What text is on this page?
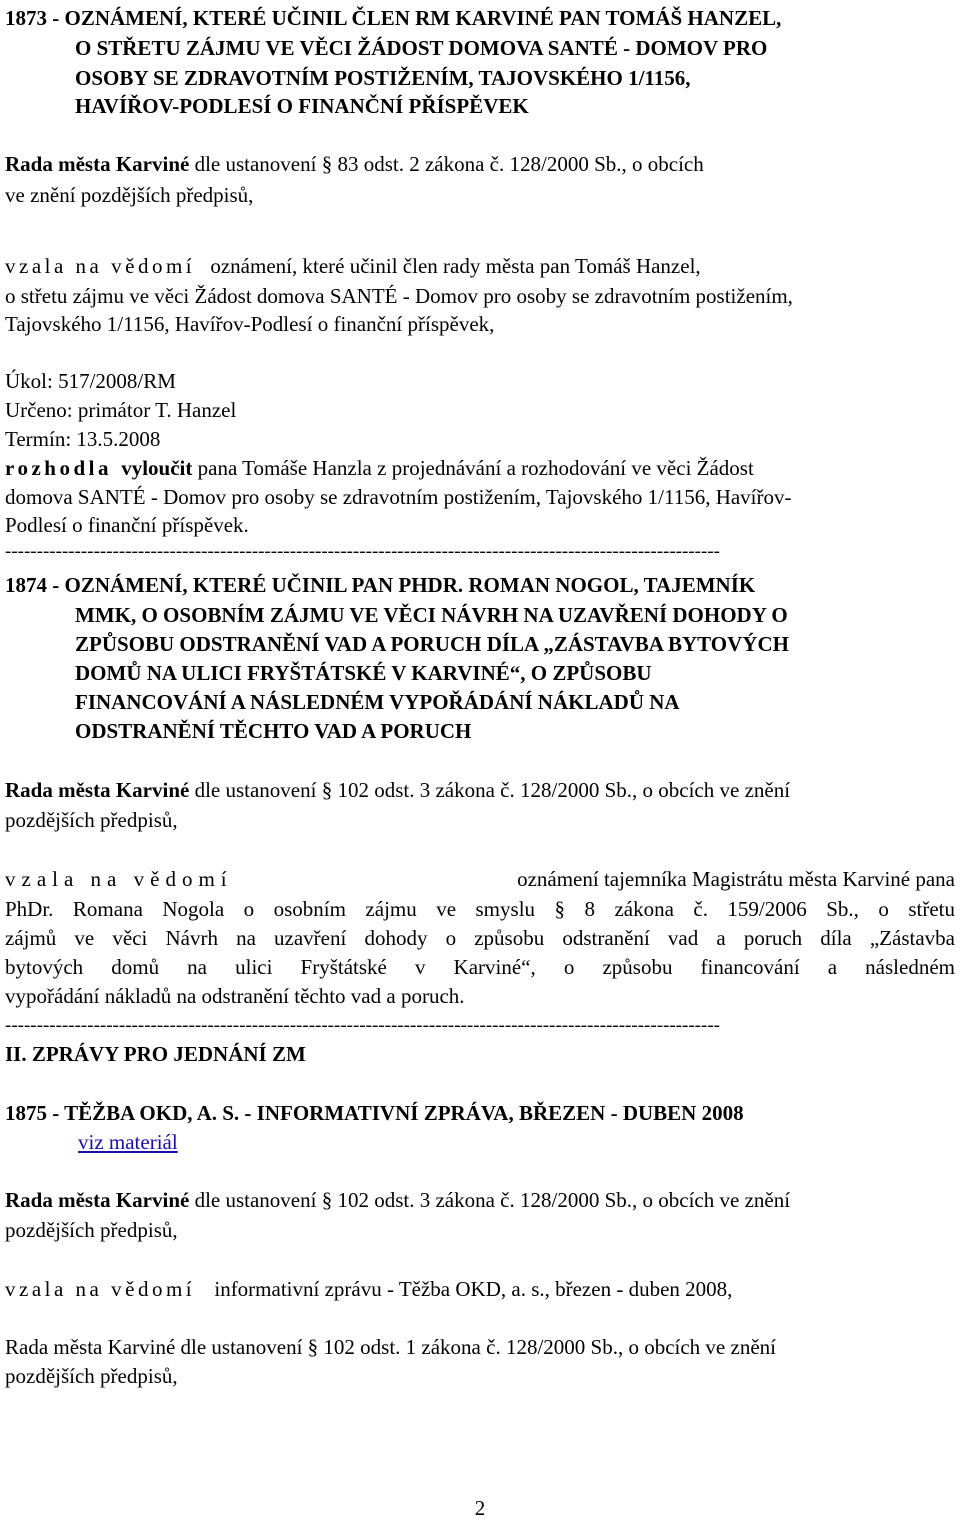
1873 - OZNÁMENÍ, KTERÉ UČINIL ČLEN RM KARVINÉ PAN TOMÁŠ HANZEL,
O STŘETU ZÁJMU VE VĚCI ŽÁDOST DOMOVA SANTÉ - DOMOV PRO
OSOBY SE ZDRAVOTNÍM POSTIŽENÍM, TAJOVSKÉHO 1/1156,
HAVÍŘOV-PODLESÍ O FINANČNÍ PŘÍSPĚVEK
Rada města Karviné dle ustanovení § 83 odst. 2 zákona č. 128/2000 Sb., o obcích
ve znění pozdějších předpisů,
vzala na vědomí oznámení, které učinil člen rady města pan Tomáš Hanzel,
o střetu zájmu ve věci Žádost domova SANTÉ - Domov pro osoby se zdravotním postižením,
Tajovského 1/1156, Havířov-Podlesí o finanční příspěvek,
Úkol: 517/2008/RM
Určeno: primátor T. Hanzel
Termín: 13.5.2008
rozhodla vyloučit pana Tomáše Hanzla z projednávání a rozhodování ve věci Žádost
domova SANTÉ - Domov pro osoby se zdravotním postižením, Tajovského 1/1156, Havířov-
Podlesí o finanční příspěvek.
-----------------------------------------------------------------------------------------------------------------
1874 - OZNÁMENÍ, KTERÉ UČINIL PAN PHDR. ROMAN NOGOL, TAJEMNÍK
MMK, O OSOBNÍM ZÁJMU VE VĚCI NÁVRH NA UZAVŘENÍ DOHODY O
ZPŮSOBU ODSTRANĚNÍ VAD A PORUCH DÍLA „ZÁSTAVBA BYTOVÝCH
DOMŮ NA ULICI FRYŠTÁTSKÉ V KARVINÉ“, O ZPŮSOBU
FINANCOVÁNÍ A NÁSLEDNÉM VYPOŘÁDÁNÍ NÁKLADŮ NA
ODSTRANĚNÍ TĚCHTO VAD A PORUCH
Rada města Karviné dle ustanovení § 102 odst. 3 zákona č. 128/2000 Sb., o obcích ve znění
pozdějších předpisů,
vzala na vědomí	oznámení tajemníka Magistrátu města Karviné pana
PhDr. Romana Nogola o osobním zájmu ve smyslu § 8 zákona č. 159/2006 Sb., o střetu
zájmů ve věci Návrh na uzavření dohody o způsobu odstranění vad a poruch díla „Zástavba
bytových domů na ulici Fryštátské v Karviné“, o způsobu financování a následném
vypořádání nákladů na odstranění těchto vad a poruch.
-----------------------------------------------------------------------------------------------------------------
II. ZPRÁVY PRO JEDNÁNÍ ZM
1875 - TĚŽBA OKD, A. S. - INFORMATIVNÍ ZPRÁVA, BŘEZEN - DUBEN 2008
viz materiál
Rada města Karviné dle ustanovení § 102 odst. 3 zákona č. 128/2000 Sb., o obcích ve znění
pozdějších předpisů,
vzala na vědomí informativní zprávu - Těžba OKD, a. s., březen - duben 2008,
Rada města Karviné dle ustanovení § 102 odst. 1 zákona č. 128/2000 Sb., o obcích ve znění
pozdějších předpisů,
2
